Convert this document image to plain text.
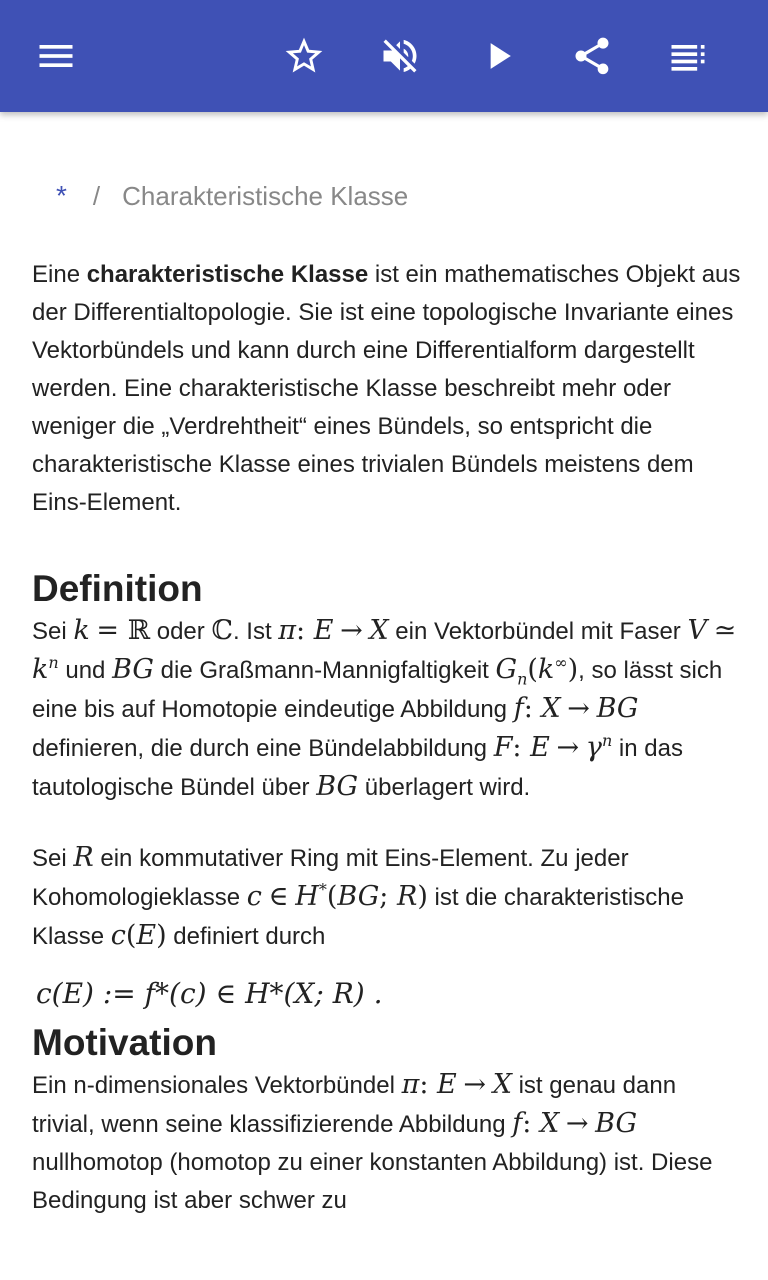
* / Charakteristische Klasse

Eine charakteristische Klasse ist ein mathematisches Objekt aus der Differentialtopologie. Sie ist eine topologische Invariante eines Vektorbündels und kann durch eine Differentialform dargestellt werden. Eine charakteristische Klasse beschreibt mehr oder weniger die „Verdrehtheit“ eines Bündels, so entspricht die charakteristische Klasse eines trivialen Bündels meistens dem Eins-Element.

Definition

Sei k = ℝ oder ℂ. Ist π: E → X ein Vektorbündel mit Faser V ≃ $k^n$ und BG die Graßmann-Mannigfaltigkeit $G_n(k^\infty)$, so lässt sich eine bis auf Homotopie eindeutige Abbildung f: X → BG definieren, die durch eine Bündelabbildung F: $E \to \gamma^n$ in das tautologische Bündel über BG überlagert wird.

Sei R ein kommutativer Ring mit Eins-Element. Zu jeder Kohomologieklasse c ∈ H*(BG; R) ist die charakteristische Klasse c(E) definiert durch

c(E) := f*(c) ∈ H*(X; R) .
Motivation

Ein n-dimensionales Vektorbündel π: E → X ist genau dann trivial, wenn seine klassifizierende Abbildung f: X → BG nullhomotop (homotop zu einer konstanten Abbildung) ist. Diese Bedingung ist aber schwer zu
